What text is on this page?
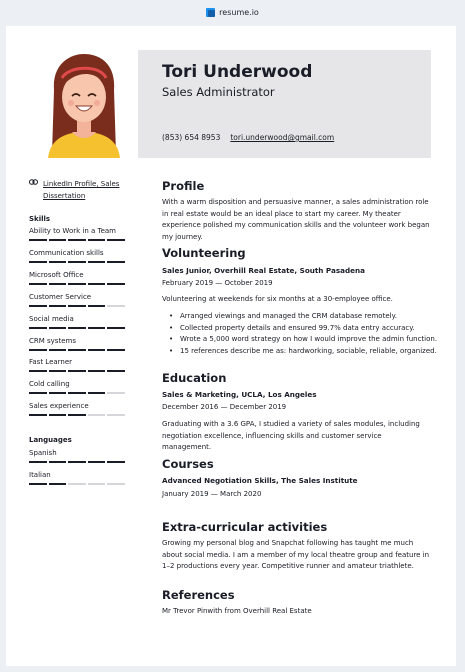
resume.io
Tori Underwood
Sales Administrator
(853) 654 8953 tori.underwood@gmail.com
LinkedIn Profile, Sales Dissertation
Skills
Ability to Work in a Team
Communication skills
Microsoft Office
Customer Service
Social media
CRM systems
Fast Learner
Cold calling
Sales experience
Languages
Spanish
Italian
Profile
With a warm disposition and persuasive manner, a sales administration role in real estate would be an ideal place to start my career. My theater experience polished my communication skills and the volunteer work began my journey.
Volunteering
Sales Junior, Overhill Real Estate, South Pasadena
February 2019 — October 2019
Volunteering at weekends for six months at a 30-employee office.
• Arranged viewings and managed the CRM database remotely.
• Collected property details and ensured 99.7% data entry accuracy.
• Wrote a 5,000 word strategy on how I would improve the admin function.
• 15 references describe me as: hardworking, sociable, reliable, organized.
Education
Sales & Marketing, UCLA, Los Angeles
December 2016 — December 2019
Graduating with a 3.6 GPA, I studied a variety of sales modules, including negotiation excellence, influencing skills and customer service management.
Courses
Advanced Negotiation Skills, The Sales Institute
January 2019 — March 2020
Extra-curricular activities
Growing my personal blog and Snapchat following has taught me much about social media. I am a member of my local theatre group and feature in 1–2 productions every year. Competitive runner and amateur triathlete.
References
Mr Trevor Pinwith from Overhill Real Estate
